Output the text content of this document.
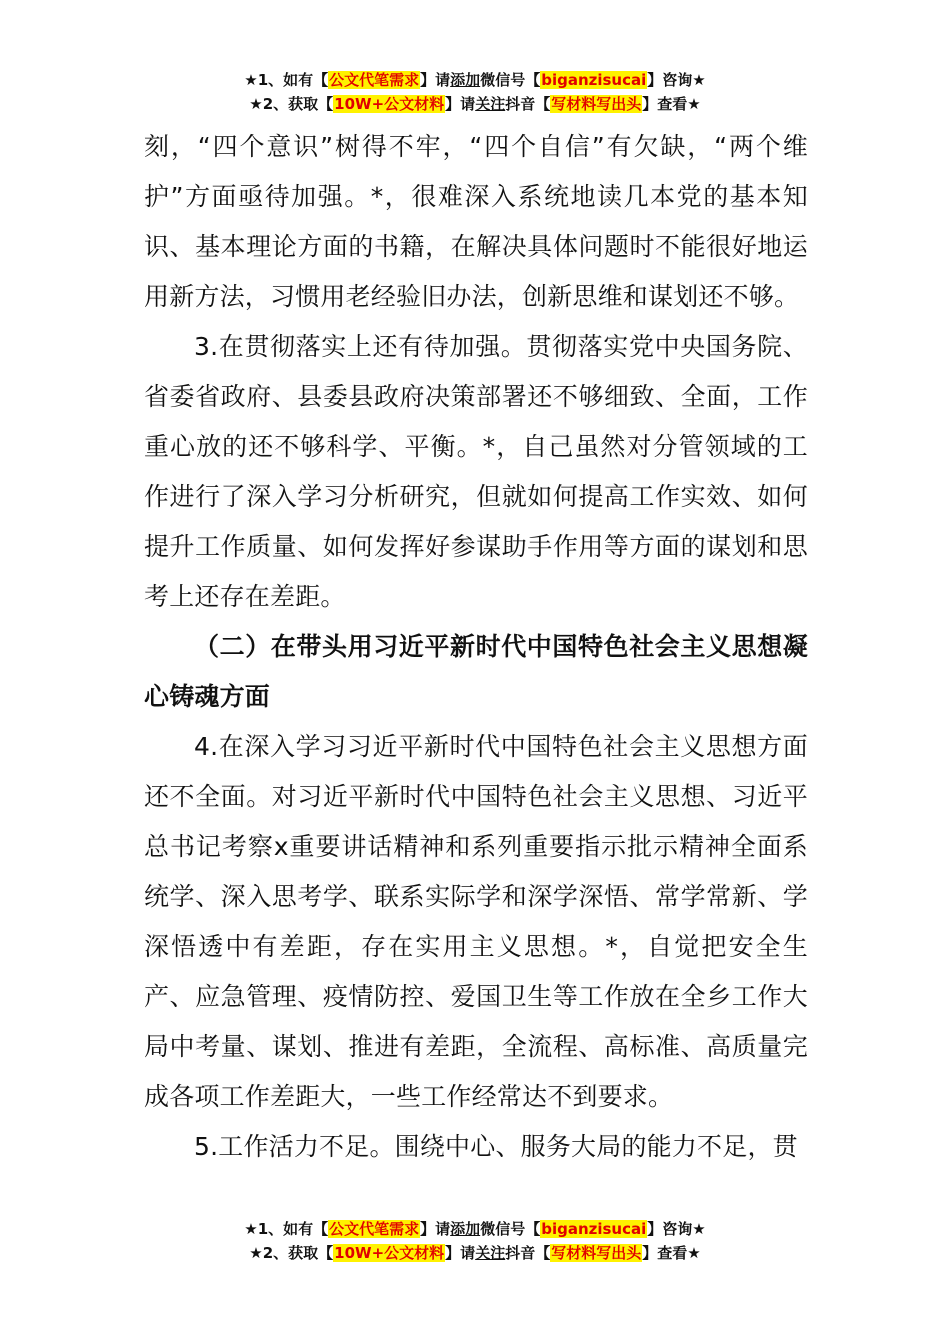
★1、如有【公文代笔需求】请添加微信号【biganzisucai】咨询★
★2、获取【10W+公文材料】请关注抖音【写材料写出头】查看★

刻，“四个意识”树得不牢，“四个自信”有欠缺，“两个维护”方面亟待加强。*，很难深入系统地读几本党的基本知识、基本理论方面的书籍，在解决具体问题时不能很好地运用新方法，习惯用老经验旧办法，创新思维和谋划还不够。

3.在贯彻落实上还有待加强。贯彻落实党中央国务院、省委省政府、县委县政府决策部署还不够细致、全面，工作重心放的还不够科学、平衡。*，自己虽然对分管领域的工作进行了深入学习分析研究，但就如何提高工作实效、如何提升工作质量、如何发挥好参谋助手作用等方面的谋划和思考上还存在差距。

（二）在带头用习近平新时代中国特色社会主义思想凝心铸魂方面

4.在深入学习习近平新时代中国特色社会主义思想方面还不全面。对习近平新时代中国特色社会主义思想、习近平总书记考察x重要讲话精神和系列重要指示批示精神全面系统学、深入思考学、联系实际学和深学深悟、常学常新、学深悟透中有差距，存在实用主义思想。*，自觉把安全生产、应急管理、疫情防控、爱国卫生等工作放在全乡工作大局中考量、谋划、推进有差距，全流程、高标准、高质量完成各项工作差距大，一些工作经常达不到要求。

5.工作活力不足。围绕中心、服务大局的能力不足，贯

★1、如有【公文代笔需求】请添加微信号【biganzisucai】咨询★
★2、获取【10W+公文材料】请关注抖音【写材料写出头】查看★
